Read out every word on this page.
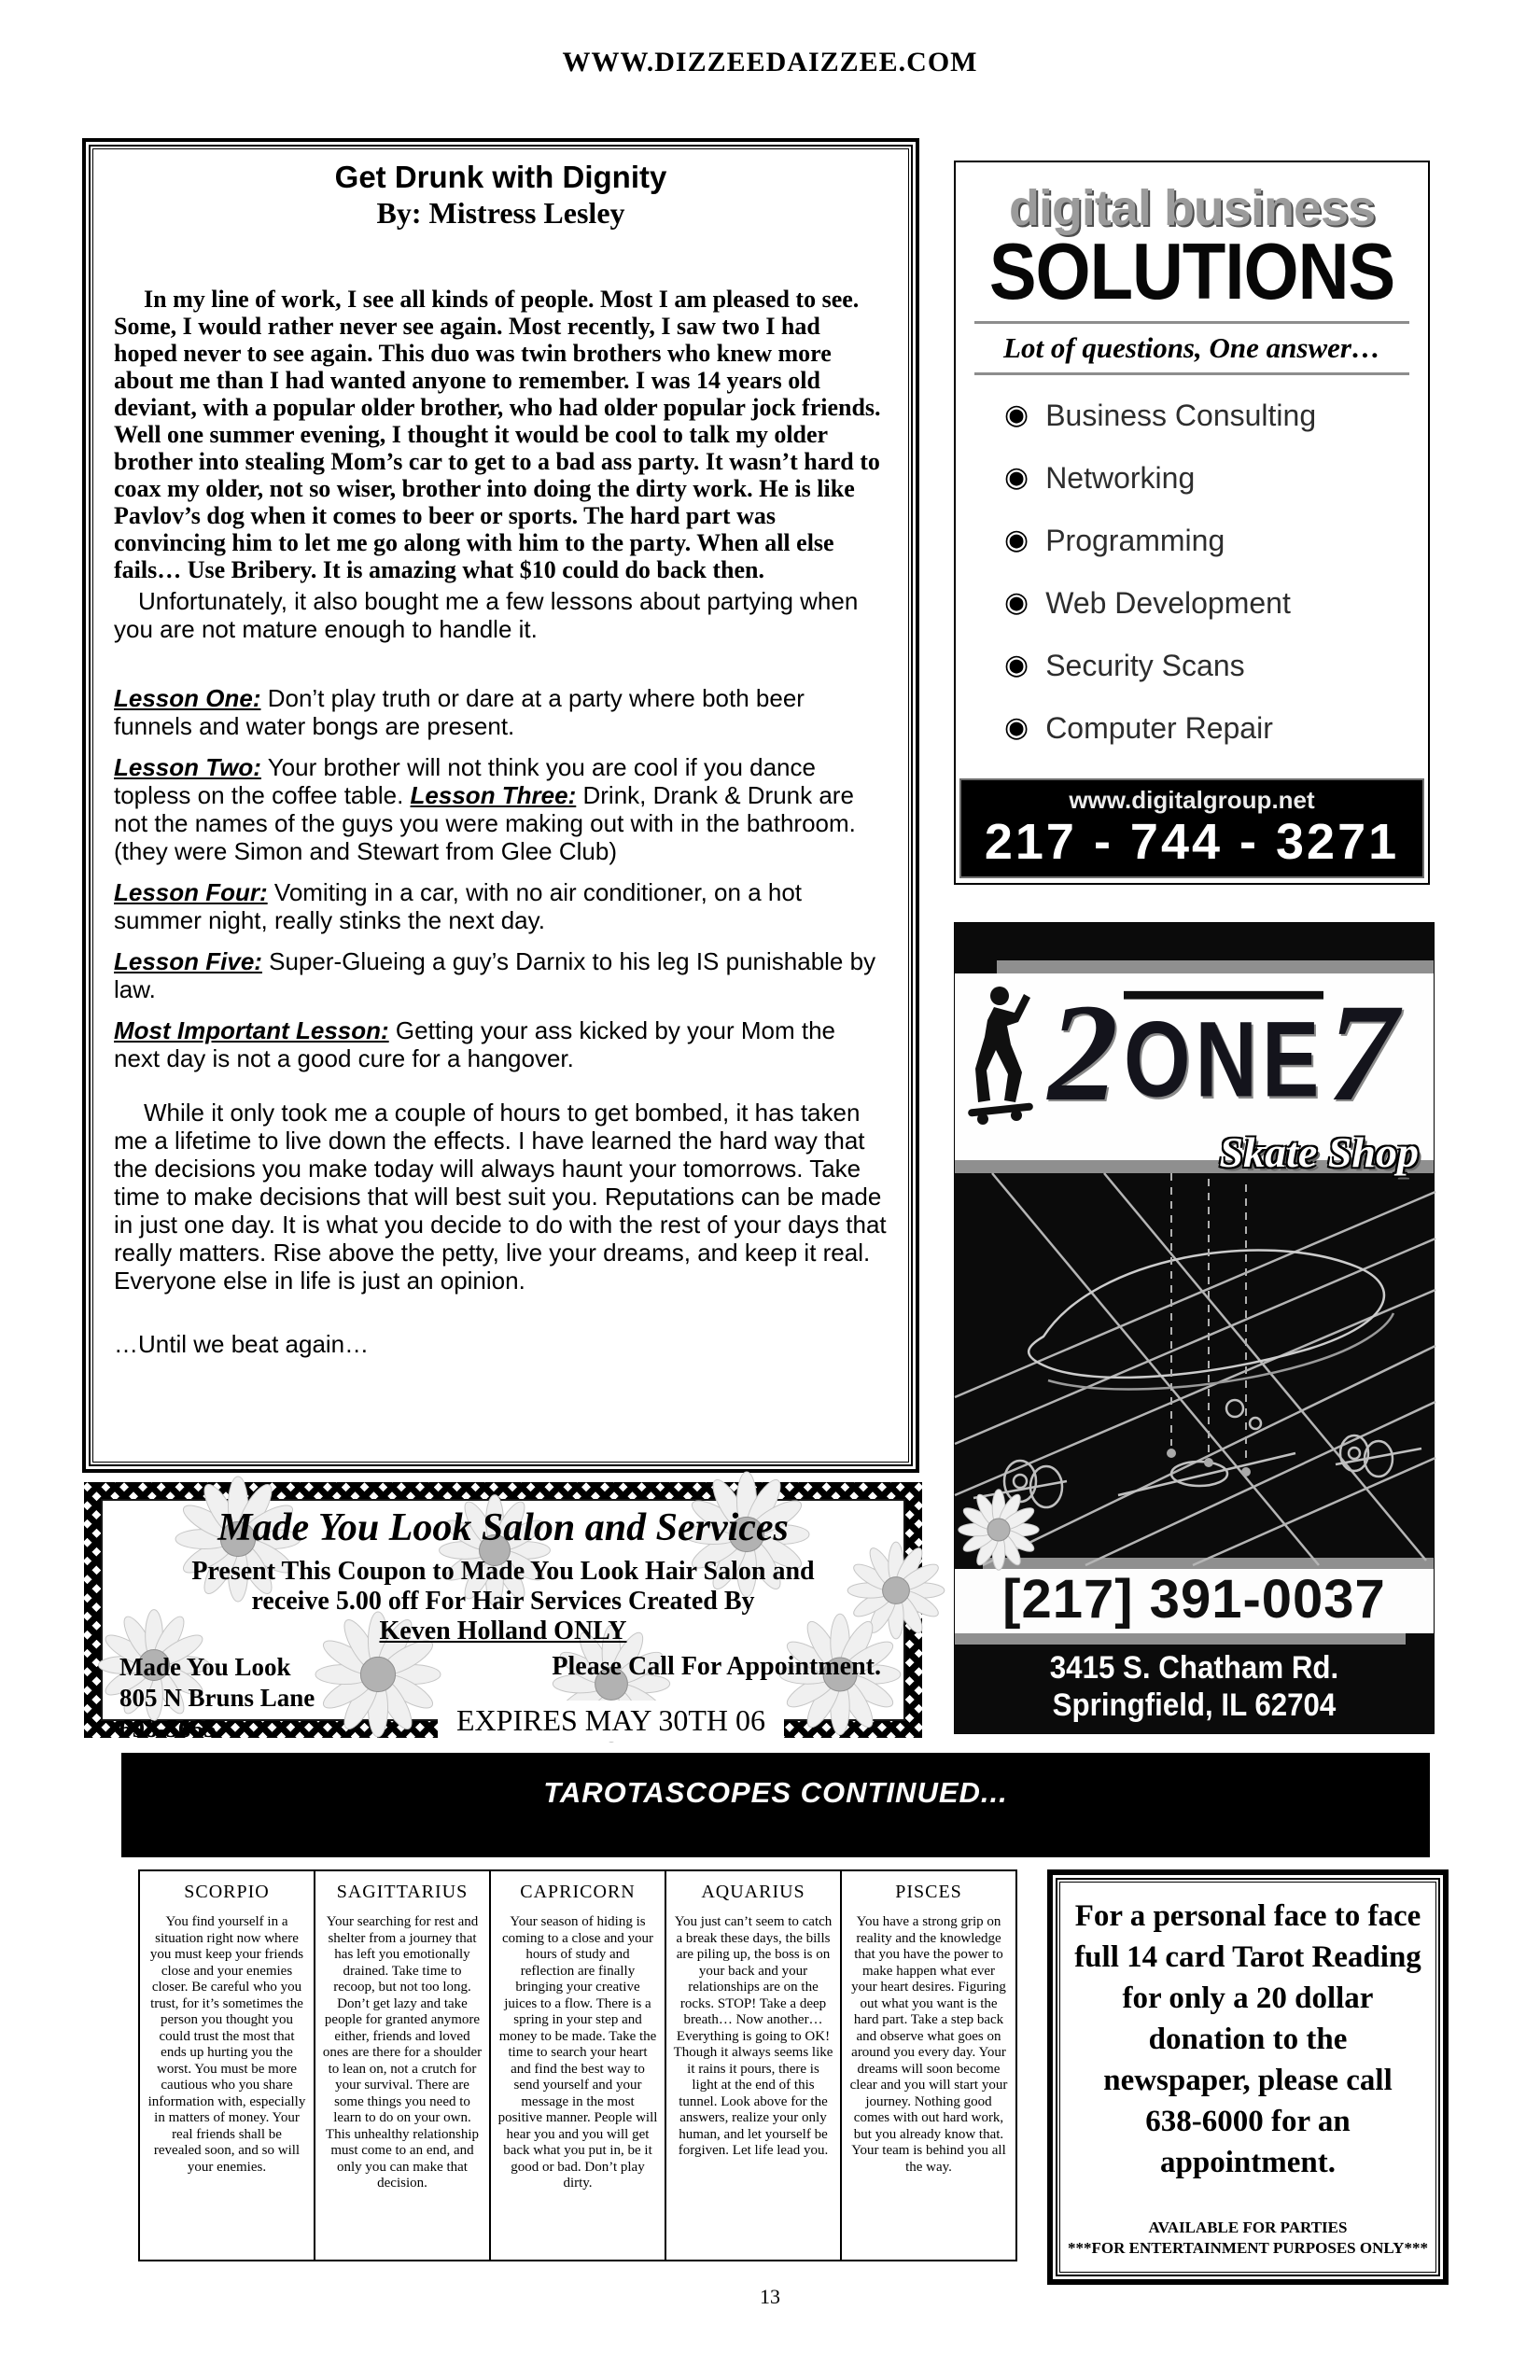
WWW.DIZZEEDAIZZEE.COM
Get Drunk with Dignity
By: Mistress Lesley

In my line of work, I see all kinds of people. Most I am pleased to see. Some, I would rather never see again. Most recently, I saw two I had hoped never to see again. This duo was twin brothers who knew more about me than I had wanted anyone to remember. I was 14 years old deviant, with a popular older brother, who had older popular jock friends. Well one summer evening, I thought it would be cool to talk my older brother into stealing Mom’s car to get to a bad ass party. It wasn’t hard to coax my older, not so wiser, brother into doing the dirty work. He is like Pavlov’s dog when it comes to beer or sports. The hard part was convincing him to let me go along with him to the party. When all else fails… Use Bribery. It is amazing what $10 could do back then.

Unfortunately, it also bought me a few lessons about partying when you are not mature enough to handle it.

Lesson One: Don’t play truth or dare at a party where both beer funnels and water bongs are present.

Lesson Two: Your brother will not think you are cool if you dance topless on the coffee table. Lesson Three: Drink, Drank & Drunk are not the names of the guys you were making out with in the bathroom. (they were Simon and Stewart from Glee Club)

Lesson Four: Vomiting in a car, with no air conditioner, on a hot summer night, really stinks the next day.

Lesson Five: Super-Glueing a guy’s Darnix to his leg IS punishable by law.

Most Important Lesson: Getting your ass kicked by your Mom the next day is not a good cure for a hangover.

While it only took me a couple of hours to get bombed, it has taken me a lifetime to live down the effects. I have learned the hard way that the decisions you make today will always haunt your tomorrows. Take time to make decisions that will best suit you. Reputations can be made in just one day. It is what you decide to do with the rest of your days that really matters. Rise above the petty, live your dreams, and keep it real. Everyone else in life is just an opinion.

…Until we beat again…

digital business
SOLUTIONS
Lot of questions, One answer…
◉ Business Consulting
◉ Networking
◉ Programming
◉ Web Development
◉ Security Scans
◉ Computer Repair
www.digitalgroup.net
217 - 744 - 3271
2 ONE 7
Skate Shop
[217] 391-0037
3415 S. Chatham Rd.
Springfield, IL 62704
Made You Look Salon and Services
Present This Coupon to Made You Look Hair Salon and receive 5.00 off For Hair Services Created By
Keven Holland ONLY
Made You Look
805 N Bruns Lane
698-5665
Please Call For Appointment.
EXPIRES MAY 30TH 06
TAROTASCOPES CONTINUED...
SCORPIO
You find yourself in a situation right now where you must keep your friends close and your enemies closer. Be careful who you trust, for it’s sometimes the person you thought you could trust the most that ends up hurting you the worst. You must be more cautious who you share information with, especially in matters of money. Your real friends shall be revealed soon, and so will your enemies.
SAGITTARIUS
Your searching for rest and shelter from a journey that has left you emotionally drained. Take time to recoop, but not too long. Don’t get lazy and take people for granted anymore either, friends and loved ones are there for a shoulder to lean on, not a crutch for your survival. There are some things you need to learn to do on your own. This unhealthy relationship must come to an end, and only you can make that decision.
CAPRICORN
Your season of hiding is coming to a close and your hours of study and reflection are finally bringing your creative juices to a flow. There is a spring in your step and money to be made. Take the time to search your heart and find the best way to send yourself and your message in the most positive manner. People will hear you and you will get back what you put in, be it good or bad. Don’t play dirty.
AQUARIUS
You just can’t seem to catch a break these days, the bills are piling up, the boss is on your back and your relationships are on the rocks. STOP! Take a deep breath… Now another… Everything is going to OK! Though it always seems like it rains it pours, there is light at the end of this tunnel. Look above for the answers, realize your only human, and let yourself be forgiven. Let life lead you.
PISCES
You have a strong grip on reality and the knowledge that you have the power to make happen what ever your heart desires. Figuring out what you want is the hard part. Take a step back and observe what goes on around you every day. Your dreams will soon become clear and you will start your journey. Nothing good comes with out hard work, but you already know that. Your team is behind you all the way.
For a personal face to face full 14 card Tarot Reading for only a 20 dollar donation to the newspaper, please call 638-6000 for an appointment.
AVAILABLE FOR PARTIES
***FOR ENTERTAINMENT PURPOSES ONLY***
13
